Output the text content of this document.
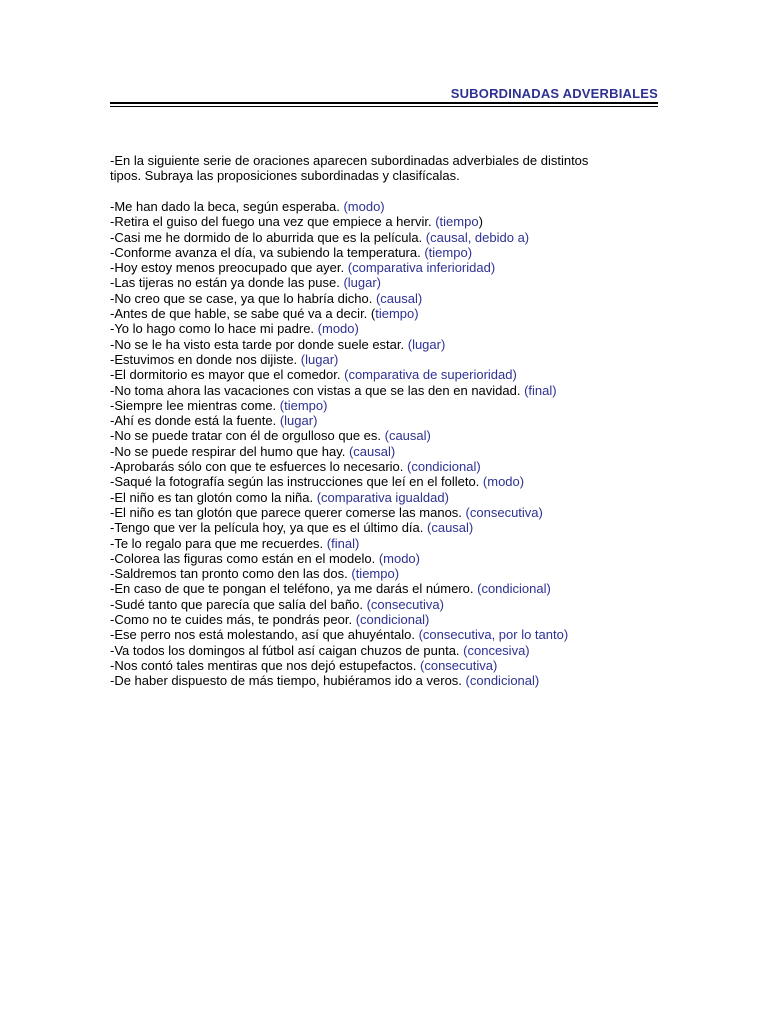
SUBORDINADAS ADVERBIALES

-En la siguiente serie de oraciones aparecen subordinadas adverbiales de distintos

tipos. Subraya las proposiciones subordinadas y clasifícalas.

-Me han dado la beca, según esperaba. (modo)
-Retira el guiso del fuego una vez que empiece a hervir. (tiempo)
-Casi me he dormido de lo aburrida que es la película. (causal, debido a)
-Conforme avanza el día, va subiendo la temperatura. (tiempo)
-Hoy estoy menos preocupado que ayer. (comparativa inferioridad)
-Las tijeras no están ya donde las puse. (lugar)
-No creo que se case, ya que lo habría dicho. (causal)
-Antes de que hable, se sabe qué va a decir. (tiempo)
-Yo lo hago como lo hace mi padre. (modo)
-No se le ha visto esta tarde por donde suele estar. (lugar)
-Estuvimos en donde nos dijiste. (lugar)
-El dormitorio es mayor que el comedor. (comparativa de superioridad)
-No toma ahora las vacaciones con vistas a que se las den en navidad. (final)
-Siempre lee mientras come. (tiempo)
-Ahí es donde está la fuente. (lugar)
-No se puede tratar con él de orgulloso que es. (causal)
-No se puede respirar del humo que hay. (causal)
-Aprobarás sólo con que te esfuerces lo necesario. (condicional)
-Saqué la fotografía según las instrucciones que leí en el folleto. (modo)
-El niño es tan glotón como la niña. (comparativa igualdad)
-El niño es tan glotón que parece querer comerse las manos. (consecutiva)
-Tengo que ver la película hoy, ya que es el último día. (causal)
-Te lo regalo para que me recuerdes. (final)
-Colorea las figuras como están en el modelo. (modo)
-Saldremos tan pronto como den las dos. (tiempo)
-En caso de que te pongan el teléfono, ya me darás el número. (condicional)
-Sudé tanto que parecía que salía del baño. (consecutiva)
-Como no te cuides más, te pondrás peor. (condicional)
-Ese perro nos está molestando, así que ahuyéntalo. (consecutiva, por lo tanto)
-Va todos los domingos al fútbol así caigan chuzos de punta. (concesiva)
-Nos contó tales mentiras que nos dejó estupefactos. (consecutiva)
-De haber dispuesto de más tiempo, hubiéramos ido a veros. (condicional)
